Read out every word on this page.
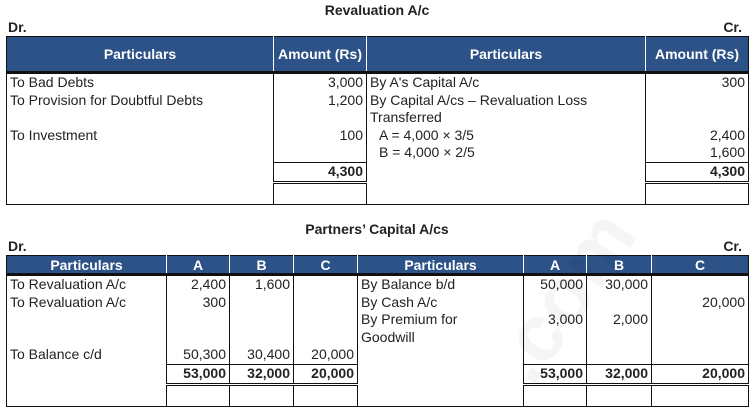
Revaluation A/c
Dr.	Cr.
Particulars	Amount (Rs)	Particulars	Amount (Rs)
To Bad Debts	3,000	By A's Capital A/c	300
To Provision for Doubtful Debts	1,200	By Capital A/cs – Revaluation Loss	
		Transferred	
To Investment	100	A = 4,000 × 3/5	2,400
		B = 4,000 × 2/5	1,600
	4,300		4,300

Partners’ Capital A/cs
Dr.	Cr.
Particulars	A	B	C	Particulars	A	B	C
To Revaluation A/c	2,400	1,600		By Balance b/d	50,000	30,000	
To Revaluation A/c	300			By Cash A/c			20,000
				By Premium for	3,000	2,000	
				Goodwill			
To Balance c/d	50,300	30,400	20,000				
	53,000	32,000	20,000		53,000	32,000	20,000
